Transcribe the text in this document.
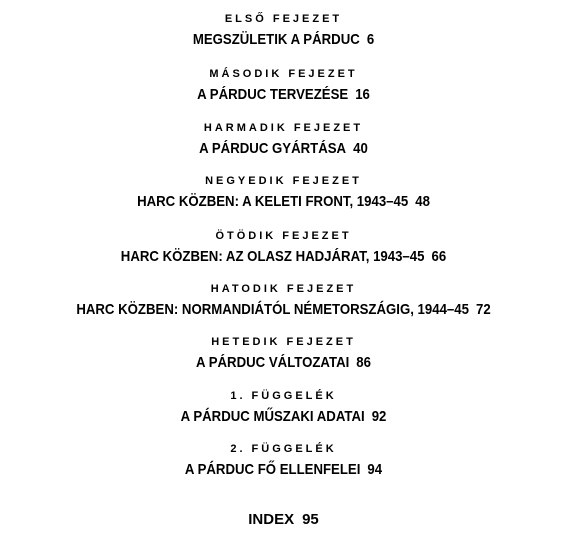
ELSŐ FEJEZET
MEGSZÜLETIK A PÁRDUC 6
MÁSODIK FEJEZET
A PÁRDUC TERVEZÉSE 16
HARMADIK FEJEZET
A PÁRDUC GYÁRTÁSA 40
NEGYEDIK FEJEZET
HARC KÖZBEN: A KELETI FRONT, 1943–45 48
ÖTÖDIK FEJEZET
HARC KÖZBEN: AZ OLASZ HADJÁRAT, 1943–45 66
HATODIK FEJEZET
HARC KÖZBEN: NORMANDIÁTÓL NÉMETORSZÁGIG, 1944–45 72
HETEDIK FEJEZET
A PÁRDUC VÁLTOZATAI 86
1. FÜGGELÉK
A PÁRDUC MŰSZAKI ADATAI 92
2. FÜGGELÉK
A PÁRDUC FŐ ELLENFELEI 94
INDEX 95
